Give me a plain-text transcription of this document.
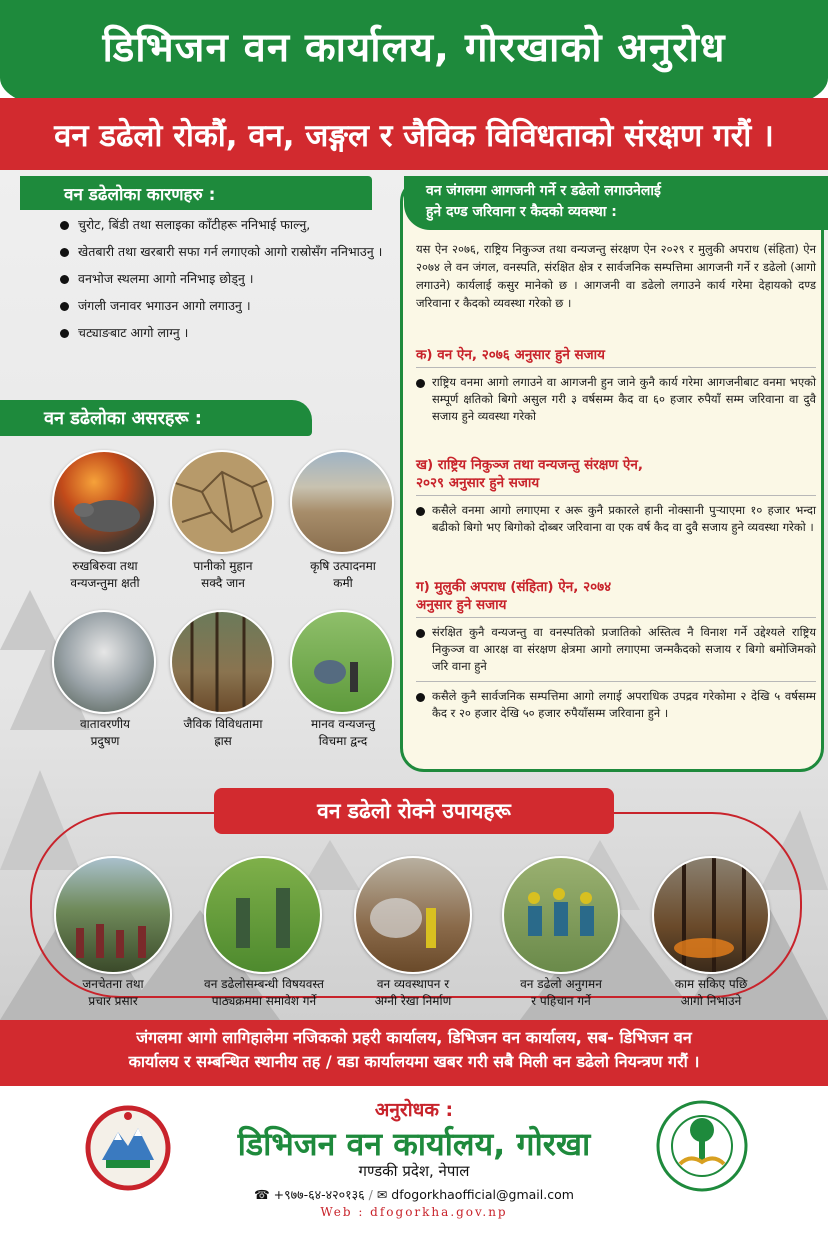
डिभिजन वन कार्यालय, गोरखाको अनुरोध
वन डढेलो रोकौं, वन, जङ्गल र जैविक विविधताको संरक्षण गरौं ।
वन डढेलोका कारणहरु :
चुरोट, बिंडी तथा सलाइका काँटीहरू ननिभाई फाल्नु,
खेतबारी तथा खरबारी सफा गर्न लगाएको आगो रास्रोसँग ननिभाउनु ।
वनभोज स्थलमा आगो ननिभाइ छोड्नु ।
जंगली जनावर भगाउन आगो लगाउनु ।
चट्याङबाट आगो लाग्नु ।
वन डढेलोका असरहरू :
रुखबिरुवा तथा
वन्यजन्तुमा क्षती
पानीको मुहान
सक्दै जान
कृषि उत्पादनमा
कमी
वातावरणीय
प्रदुषण
जैविक विविधतामा
ह्रास
मानव वन्यजन्तु
विचमा द्वन्द
वन जंगलमा आगजनी गर्ने र डढेलो लगाउनेलाई
हुने दण्ड जरिवाना र कैदको व्यवस्था :
यस ऐन २०७६, राष्ट्रिय निकुञ्ज तथा वन्यजन्तु संरक्षण ऐन २०२९ र मुलुकी अपराध (संहिता) ऐन २०७४ ले वन जंगल, वनस्पति, संरक्षित क्षेत्र र सार्वजनिक सम्पत्तिमा आगजनी गर्ने र डढेलो (आगो लगाउने) कार्यलाई कसुर मानेको छ । आगजनी वा डढेलो लगाउने कार्य गरेमा देहायको दण्ड जरिवाना र कैदको व्यवस्था गरेको छ ।
क) वन ऐन, २०७६ अनुसार हुने सजाय
राष्ट्रिय वनमा आगो लगाउने वा आगजनी हुन जाने कुनै कार्य गरेमा आगजनीबाट वनमा भएको सम्पूर्ण क्षतिको बिगो असुल गरी ३ वर्षसम्म कैद वा ६० हजार रुपैयाँ सम्म जरिवाना वा दुवै सजाय हुने व्यवस्था गरेको
ख) राष्ट्रिय निकुञ्ज तथा वन्यजन्तु संरक्षण ऐन,
२०२९ अनुसार हुने सजाय
कसैले वनमा आगो लगाएमा र अरू कुनै प्रकारले हानी नोक्सानी पुऱ्याएमा १० हजार भन्दा बढीको बिगो भए बिगोको दोब्बर जरिवाना वा एक वर्ष कैद वा दुवै सजाय हुने व्यवस्था गरेको ।
ग) मुलुकी अपराध (संहिता) ऐन, २०७४
अनुसार हुने सजाय
संरक्षित कुनै वन्यजन्तु वा वनस्पतिको प्रजातिको अस्तित्व नै विनाश गर्ने उद्देश्यले राष्ट्रिय निकुञ्ज वा आरक्ष वा संरक्षण क्षेत्रमा आगो लगाएमा जन्मकैदको सजाय र बिगो बमोजिमको जरि वाना हुने
कसैले कुनै सार्वजनिक सम्पत्तिमा आगो लगाई अपराधिक उपद्रव गरेकोमा २ देखि ५ वर्षसम्म कैद र २० हजार देखि ५० हजार रुपैयाँसम्म जरिवाना हुने ।
वन डढेलो रोक्ने उपायहरू
जनचेतना तथा
प्रचार प्रसार
वन डढेलोसम्बन्धी विषयवस्त
पाठ्यक्रममा समावेश गर्ने
वन व्यवस्थापन र
अग्नी रेखा निर्माण
वन डढेलो अनुगमन
र पहिचान गर्ने
काम सकिए पछि
आगो निभाउने
जंगलमा आगो लागिहालेमा नजिकको प्रहरी कार्यालय, डिभिजन वन कार्यालय, सब- डिभिजन वन
कार्यालय र सम्बन्धित स्थानीय तह / वडा कार्यालयमा खबर गरी सबै मिली वन डढेलो नियन्त्रण गरौं ।
अनुरोधक :
डिभिजन वन कार्यालय, गोरखा
गण्डकी प्रदेश, नेपाल
☎ +९७७-६४-४२०१३६ / ✉ dfogorkhaofficial@gmail.com
Web : dfogorkha.gov.np
